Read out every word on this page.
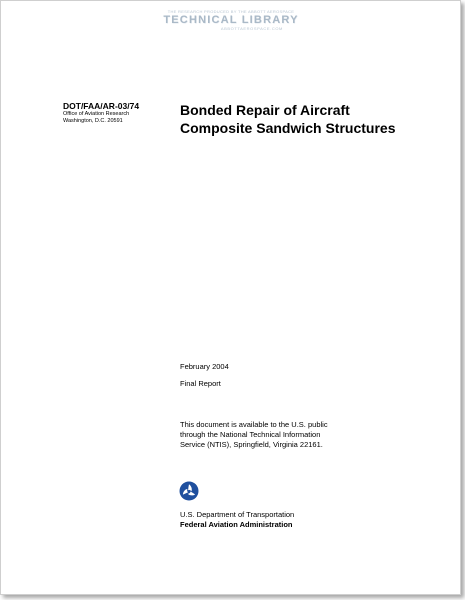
THE RESEARCH PRODUCED BY THE ABBOTT AEROSPACE
TECHNICAL LIBRARY
ABBOTTAEROSPACE.COM
DOT/FAA/AR-03/74
Office of Aviation Research
Washington, D.C. 20591
Bonded Repair of Aircraft
Composite Sandwich Structures
February 2004
Final Report
This document is available to the U.S. public
through the National Technical Information
Service (NTIS), Springfield, Virginia 22161.
U.S. Department of Transportation
Federal Aviation Administration
